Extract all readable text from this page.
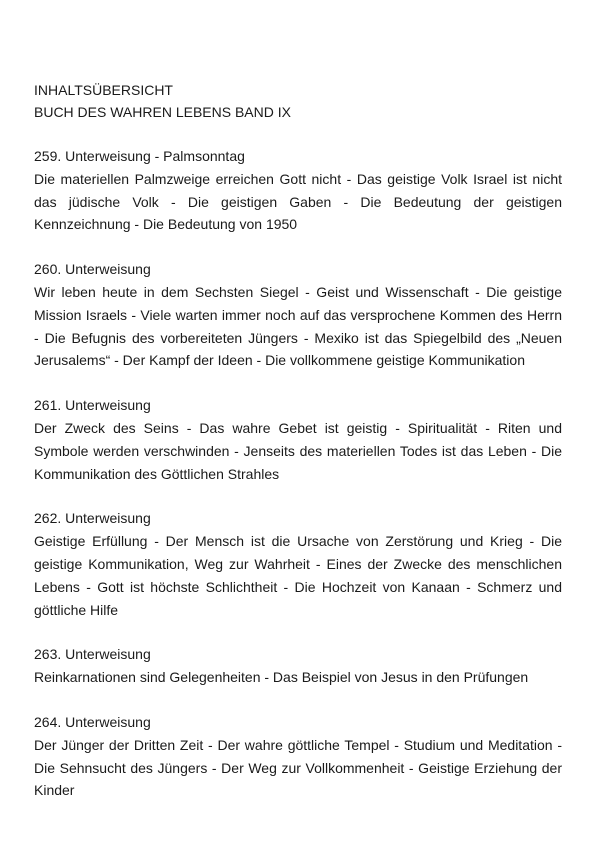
INHALTSÜBERSICHT

BUCH DES WAHREN LEBENS BAND IX

259. Unterweisung - Palmsonntag

Die materiellen Palmzweige erreichen Gott nicht - Das geistige Volk Israel ist nicht das jüdische Volk - Die geistigen Gaben - Die Bedeutung der geistigen Kennzeichnung - Die Bedeutung von 1950

260. Unterweisung

Wir leben heute in dem Sechsten Siegel - Geist und Wissenschaft - Die geistige Mission Israels - Viele warten immer noch auf das versprochene Kommen des Herrn - Die Befugnis des vorbereiteten Jüngers - Mexiko ist das Spiegelbild des „Neuen Jerusalems“ - Der Kampf der Ideen - Die vollkommene geistige Kommunikation

261. Unterweisung

Der Zweck des Seins - Das wahre Gebet ist geistig - Spiritualität - Riten und Symbole werden verschwinden - Jenseits des materiellen Todes ist das Leben - Die Kommunikation des Göttlichen Strahles

262. Unterweisung

Geistige Erfüllung - Der Mensch ist die Ursache von Zerstörung und Krieg - Die geistige Kommunikation, Weg zur Wahrheit - Eines der Zwecke des menschlichen Lebens - Gott ist höchste Schlichtheit - Die Hochzeit von Kanaan - Schmerz und göttliche Hilfe

263. Unterweisung

Reinkarnationen sind Gelegenheiten - Das Beispiel von Jesus in den Prüfungen

264. Unterweisung

Der Jünger der Dritten Zeit - Der wahre göttliche Tempel - Studium und Meditation - Die Sehnsucht des Jüngers - Der Weg zur Vollkommenheit - Geistige Erziehung der Kinder
